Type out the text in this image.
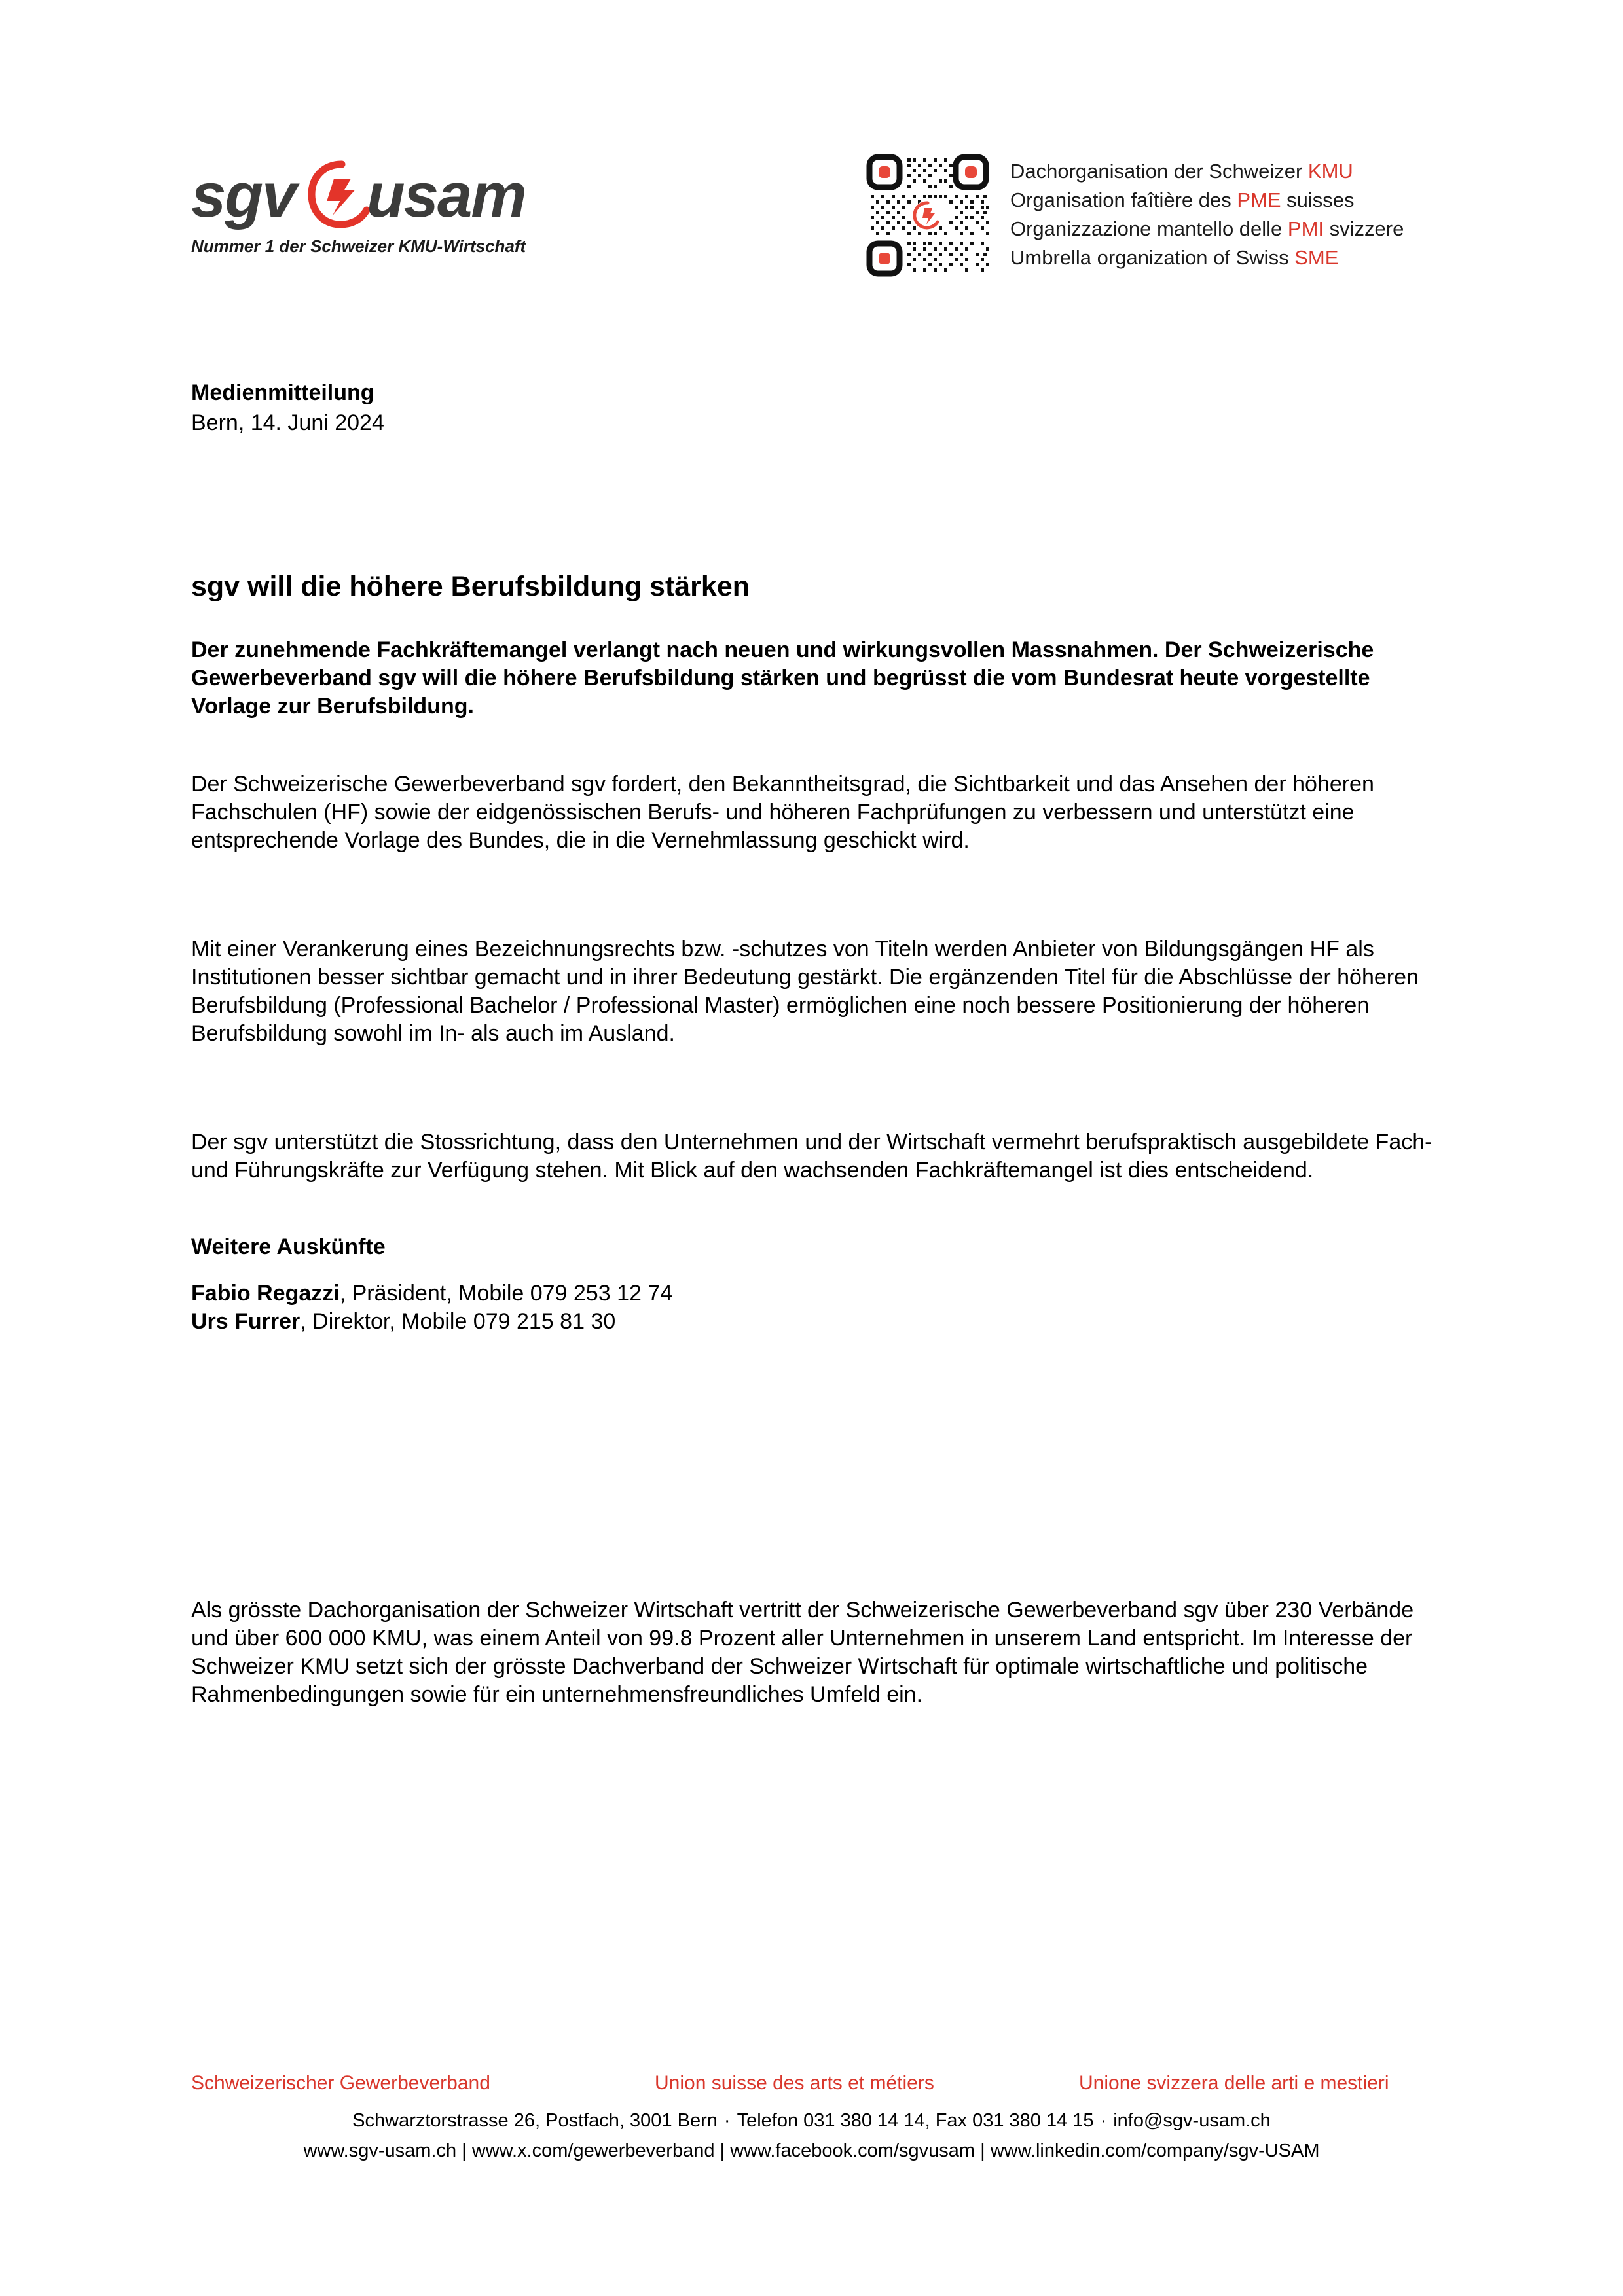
sgv usam
Nummer 1 der Schweizer KMU-Wirtschaft
Dachorganisation der Schweizer KMU
Organisation faîtière des PME suisses
Organizzazione mantello delle PMI svizzere
Umbrella organization of Swiss SME
Medienmitteilung
Bern, 14. Juni 2024
sgv will die höhere Berufsbildung stärken

Der zunehmende Fachkräftemangel verlangt nach neuen und wirkungsvollen Massnahmen. Der Schweizerische Gewerbeverband sgv will die höhere Berufsbildung stärken und begrüsst die vom Bundesrat heute vorgestellte Vorlage zur Berufsbildung.

Der Schweizerische Gewerbeverband sgv fordert, den Bekanntheitsgrad, die Sichtbarkeit und das Ansehen der höheren Fachschulen (HF) sowie der eidgenössischen Berufs- und höheren Fachprüfungen zu verbessern und unterstützt eine entsprechende Vorlage des Bundes, die in die Vernehmlassung geschickt wird.

Mit einer Verankerung eines Bezeichnungsrechts bzw. -schutzes von Titeln werden Anbieter von Bildungsgängen HF als Institutionen besser sichtbar gemacht und in ihrer Bedeutung gestärkt. Die ergänzenden Titel für die Abschlüsse der höheren Berufsbildung (Professional Bachelor / Professional Master) ermöglichen eine noch bessere Positionierung der höheren Berufsbildung sowohl im In- als auch im Ausland.

Der sgv unterstützt die Stossrichtung, dass den Unternehmen und der Wirtschaft vermehrt berufspraktisch ausgebildete Fach- und Führungskräfte zur Verfügung stehen. Mit Blick auf den wachsenden Fachkräftemangel ist dies entscheidend.

Weitere Auskünfte
Fabio Regazzi, Präsident, Mobile 079 253 12 74
Urs Furrer, Direktor, Mobile 079 215 81 30

Als grösste Dachorganisation der Schweizer Wirtschaft vertritt der Schweizerische Gewerbeverband sgv über 230 Verbände und über 600 000 KMU, was einem Anteil von 99.8 Prozent aller Unternehmen in unserem Land entspricht. Im Interesse der Schweizer KMU setzt sich der grösste Dachverband der Schweizer Wirtschaft für optimale wirtschaftliche und politische Rahmenbedingungen sowie für ein unternehmensfreundliches Umfeld ein.

Schweizerischer Gewerbeverband	Union suisse des arts et métiers	Unione svizzera delle arti e mestieri
Schwarztorstrasse 26, Postfach, 3001 Bern · Telefon 031 380 14 14, Fax 031 380 14 15 · info@sgv-usam.ch
www.sgv-usam.ch | www.x.com/gewerbeverband | www.facebook.com/sgvusam | www.linkedin.com/company/sgv-USAM
